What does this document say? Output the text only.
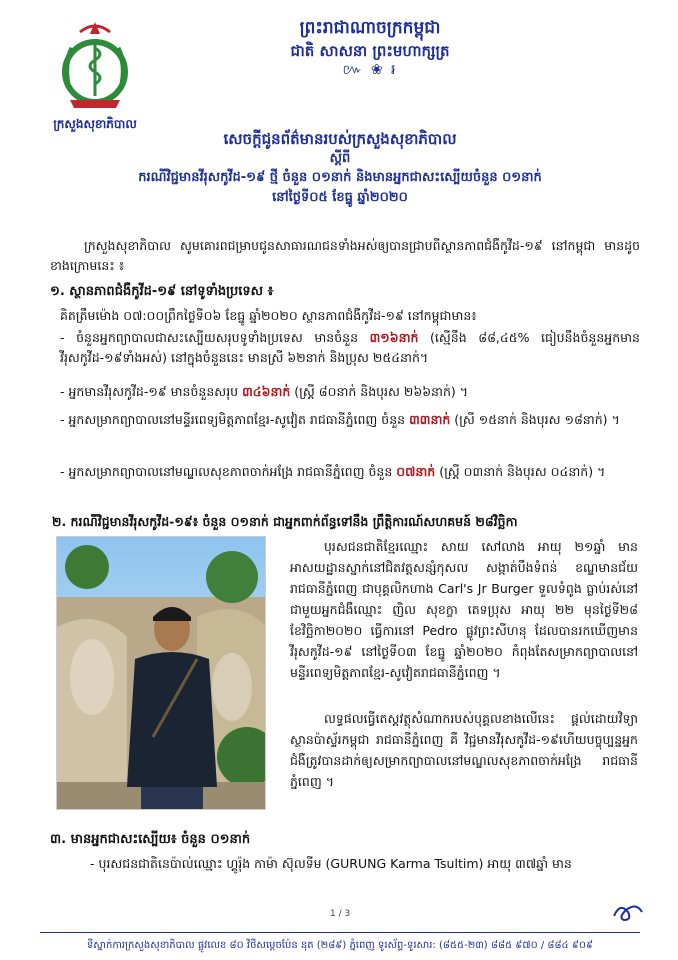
ក្រសួងសុខាភិបាល
ព្រះរាជាណាចក្រកម្ពុជា
ជាតិ សាសនា ព្រះមហាក្សត្រ
៚ ❀ ៛
សេចក្តីជូនព័ត៌មានរបស់ក្រសួងសុខាភិបាល
ស្តីពី
ករណីវិជ្ជមានវីរុសកូវីដ-១៩ ថ្មី ចំនួន ០១នាក់ និងមានអ្នកជាសះស្បើយចំនួន ០១នាក់
នៅថ្ងៃទី០៥ ខែធ្នូ ឆ្នាំ២០២០
ក្រសួងសុខាភិបាល សូមគោរពជម្រាបជូនសាធារណជនទាំងអស់ឲ្យបានជ្រាបពីស្ថានភាពជំងឺកូវីដ-១៩ នៅកម្ពុជា មានដូចខាងក្រោមនេះ ៖
១. ស្ថានភាពជំងឺកូវីដ-១៩ នៅទូទាំងប្រទេស ៖
គិតត្រឹមម៉ោង ០៧:០០ព្រឹកថ្ងៃទី០៦ ខែធ្នូ ឆ្នាំ២០២០ ស្ថានភាពជំងឺកូវីដ-១៩ នៅកម្ពុជាមាន៖
- ចំនួនអ្នកព្យាបាលជាសះស្បើយសរុបទូទាំងប្រទេស មានចំនួន ៣១៦នាក់ (ស្មើនឹង ៨៨,៤៥% ធៀបនឹងចំនួនអ្នកមានវីរុសកូវីដ-១៩ទាំងអស់) នៅក្នុងចំនួននេះ មានស្រី ៦២នាក់ និងប្រុស ២៥៤នាក់។
- អ្នកមានវីរុសកូវីដ-១៩ មានចំនួនសរុប ៣៤៦នាក់ (ស្ត្រី ៨០នាក់ និងបុរស ២៦៦នាក់) ។
- អ្នកសម្រាកព្យាបាលនៅមន្ទីរពេទ្យមិត្តភាពខ្មែរ-សូវៀត រាជធានីភ្នំពេញ ចំនួន ៣៣នាក់ (ស្រី ១៥នាក់ និងបុរស ១៨នាក់) ។
- អ្នកសម្រាកព្យាបាលនៅមណ្ឌលសុខភាពចាក់អង្រែ រាជធានីភ្នំពេញ ចំនួន ០៧នាក់ (ស្ត្រី ០៣នាក់ និងបុរស ០៤នាក់) ។
២. ករណីវិជ្ជមានវីរុសកូវីដ-១៩៖ ចំនួន ០១នាក់ ជាអ្នកពាក់ព័ន្ធទៅនឹង ព្រឹត្តិការណ៍សហគមន៍ ២៨វិច្ឆិកា
បុរសជនជាតិខ្មែរឈ្មោះ សាយ សៅលាង អាយុ ២១ឆ្នាំ មានអាសយដ្ឋានស្នាក់នៅជិតវត្តសន្សំកុសល សង្កាត់បឹងទំពន់ ខណ្ឌមានជ័យ រាជធានីភ្នំពេញ ជាបុគ្គលិកហាង Carl's Jr Burger ទួលទំពូង ធ្លាប់រស់នៅជាមួយអ្នកជំងឺឈ្មោះ ញិល សុខក្ខា តេទប្រុស អាយុ ២២ មុនថ្ងៃទី២៨ ខែវិច្ឆិកា២០២០ ធ្វើការនៅ Pedro ផ្លូវព្រះសីហនុ ដែលបានរកឃើញមានវីរុសកូវីដ-១៩ នៅថ្ងៃទី០៣ ខែធ្នូ ឆ្នាំ២០២០ កំពុងតែសម្រាកព្យាបាលនៅមន្ទីរពេទ្យមិត្តភាពខ្មែរ-សូវៀតរាជធានីភ្នំពេញ ។
លទ្ធផលធ្វើតេស្តវត្ថុសំណាករបស់បុគ្គលខាងលើនេះ ផ្តល់ដោយវិទ្យាស្ថានប៉ាស្ទ័រកម្ពុជា រាជធានីភ្នំពេញ គឺ វិជ្ជមានវីរុសកូវីដ-១៩ហើយបច្ចុប្បន្នអ្នកជំងឺត្រូវបានដាក់ឲ្យសម្រាកព្យាបាលនៅមណ្ឌលសុខភាពចាក់អង្រែ រាជធានីភ្នំពេញ ។
៣. មានអ្នកជាសះស្បើយ៖ ចំនួន ០១នាក់
- បុរសជនជាតិនេប៉ាល់ឈ្មោះ ហ្គូរ៉ុង កាម៉ា ស៊ុលទីម (GURUNG Karma Tsultim) អាយុ ៣៧ឆ្នាំ មាន
1 / 3
ទីស្នាក់ការក្រសួងសុខាភិបាល ផ្លូវលេខ ៨០ វិថីសម្តេចប៉ែន នុត (២៨៩) ភ្នំពេញ ទូរស័ព្ទ-ទូរសារ: (៨៥៥-២៣) ៨៨៥ ៩៧០ / ៨៨៤ ៩០៩
